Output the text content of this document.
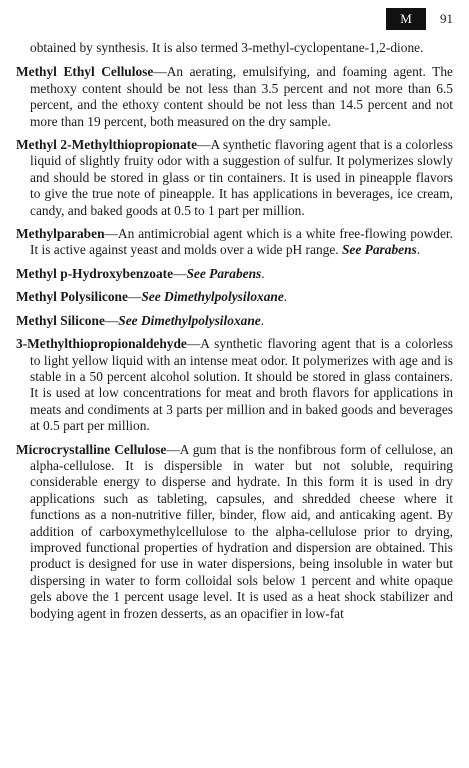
M	91

obtained by synthesis. It is also termed 3-methyl-cyclopentane-1,2-dione.

Methyl Ethyl Cellulose—An aerating, emulsifying, and foaming agent. The methoxy content should be not less than 3.5 percent and not more than 6.5 percent, and the ethoxy content should be not less than 14.5 percent and not more than 19 percent, both measured on the dry sample.

Methyl 2-Methylthiopropionate—A synthetic flavoring agent that is a colorless liquid of slightly fruity odor with a suggestion of sulfur. It polymerizes slowly and should be stored in glass or tin containers. It is used in pineapple flavors to give the true note of pineapple. It has applications in beverages, ice cream, candy, and baked goods at 0.5 to 1 part per million.

Methylparaben—An antimicrobial agent which is a white free-flowing powder. It is active against yeast and molds over a wide pH range. See Parabens.

Methyl p-Hydroxybenzoate—See Parabens.

Methyl Polysilicone—See Dimethylpolysiloxane.

Methyl Silicone—See Dimethylpolysiloxane.

3-Methylthiopropionaldehyde—A synthetic flavoring agent that is a colorless to light yellow liquid with an intense meat odor. It polymerizes with age and is stable in a 50 percent alcohol solution. It should be stored in glass containers. It is used at low concentrations for meat and broth flavors for applications in meats and condiments at 3 parts per million and in baked goods and beverages at 0.5 part per million.

Microcrystalline Cellulose—A gum that is the nonfibrous form of cellulose, an alpha-cellulose. It is dispersible in water but not soluble, requiring considerable energy to disperse and hydrate. In this form it is used in dry applications such as tableting, capsules, and shredded cheese where it functions as a non-nutritive filler, binder, flow aid, and anticaking agent. By addition of carboxymethylcellulose to the alpha-cellulose prior to drying, improved functional properties of hydration and dispersion are obtained. This product is designed for use in water dispersions, being insoluble in water but dispersing in water to form colloidal sols below 1 percent and white opaque gels above the 1 percent usage level. It is used as a heat shock stabilizer and bodying agent in frozen desserts, as an opacifier in low-fat
